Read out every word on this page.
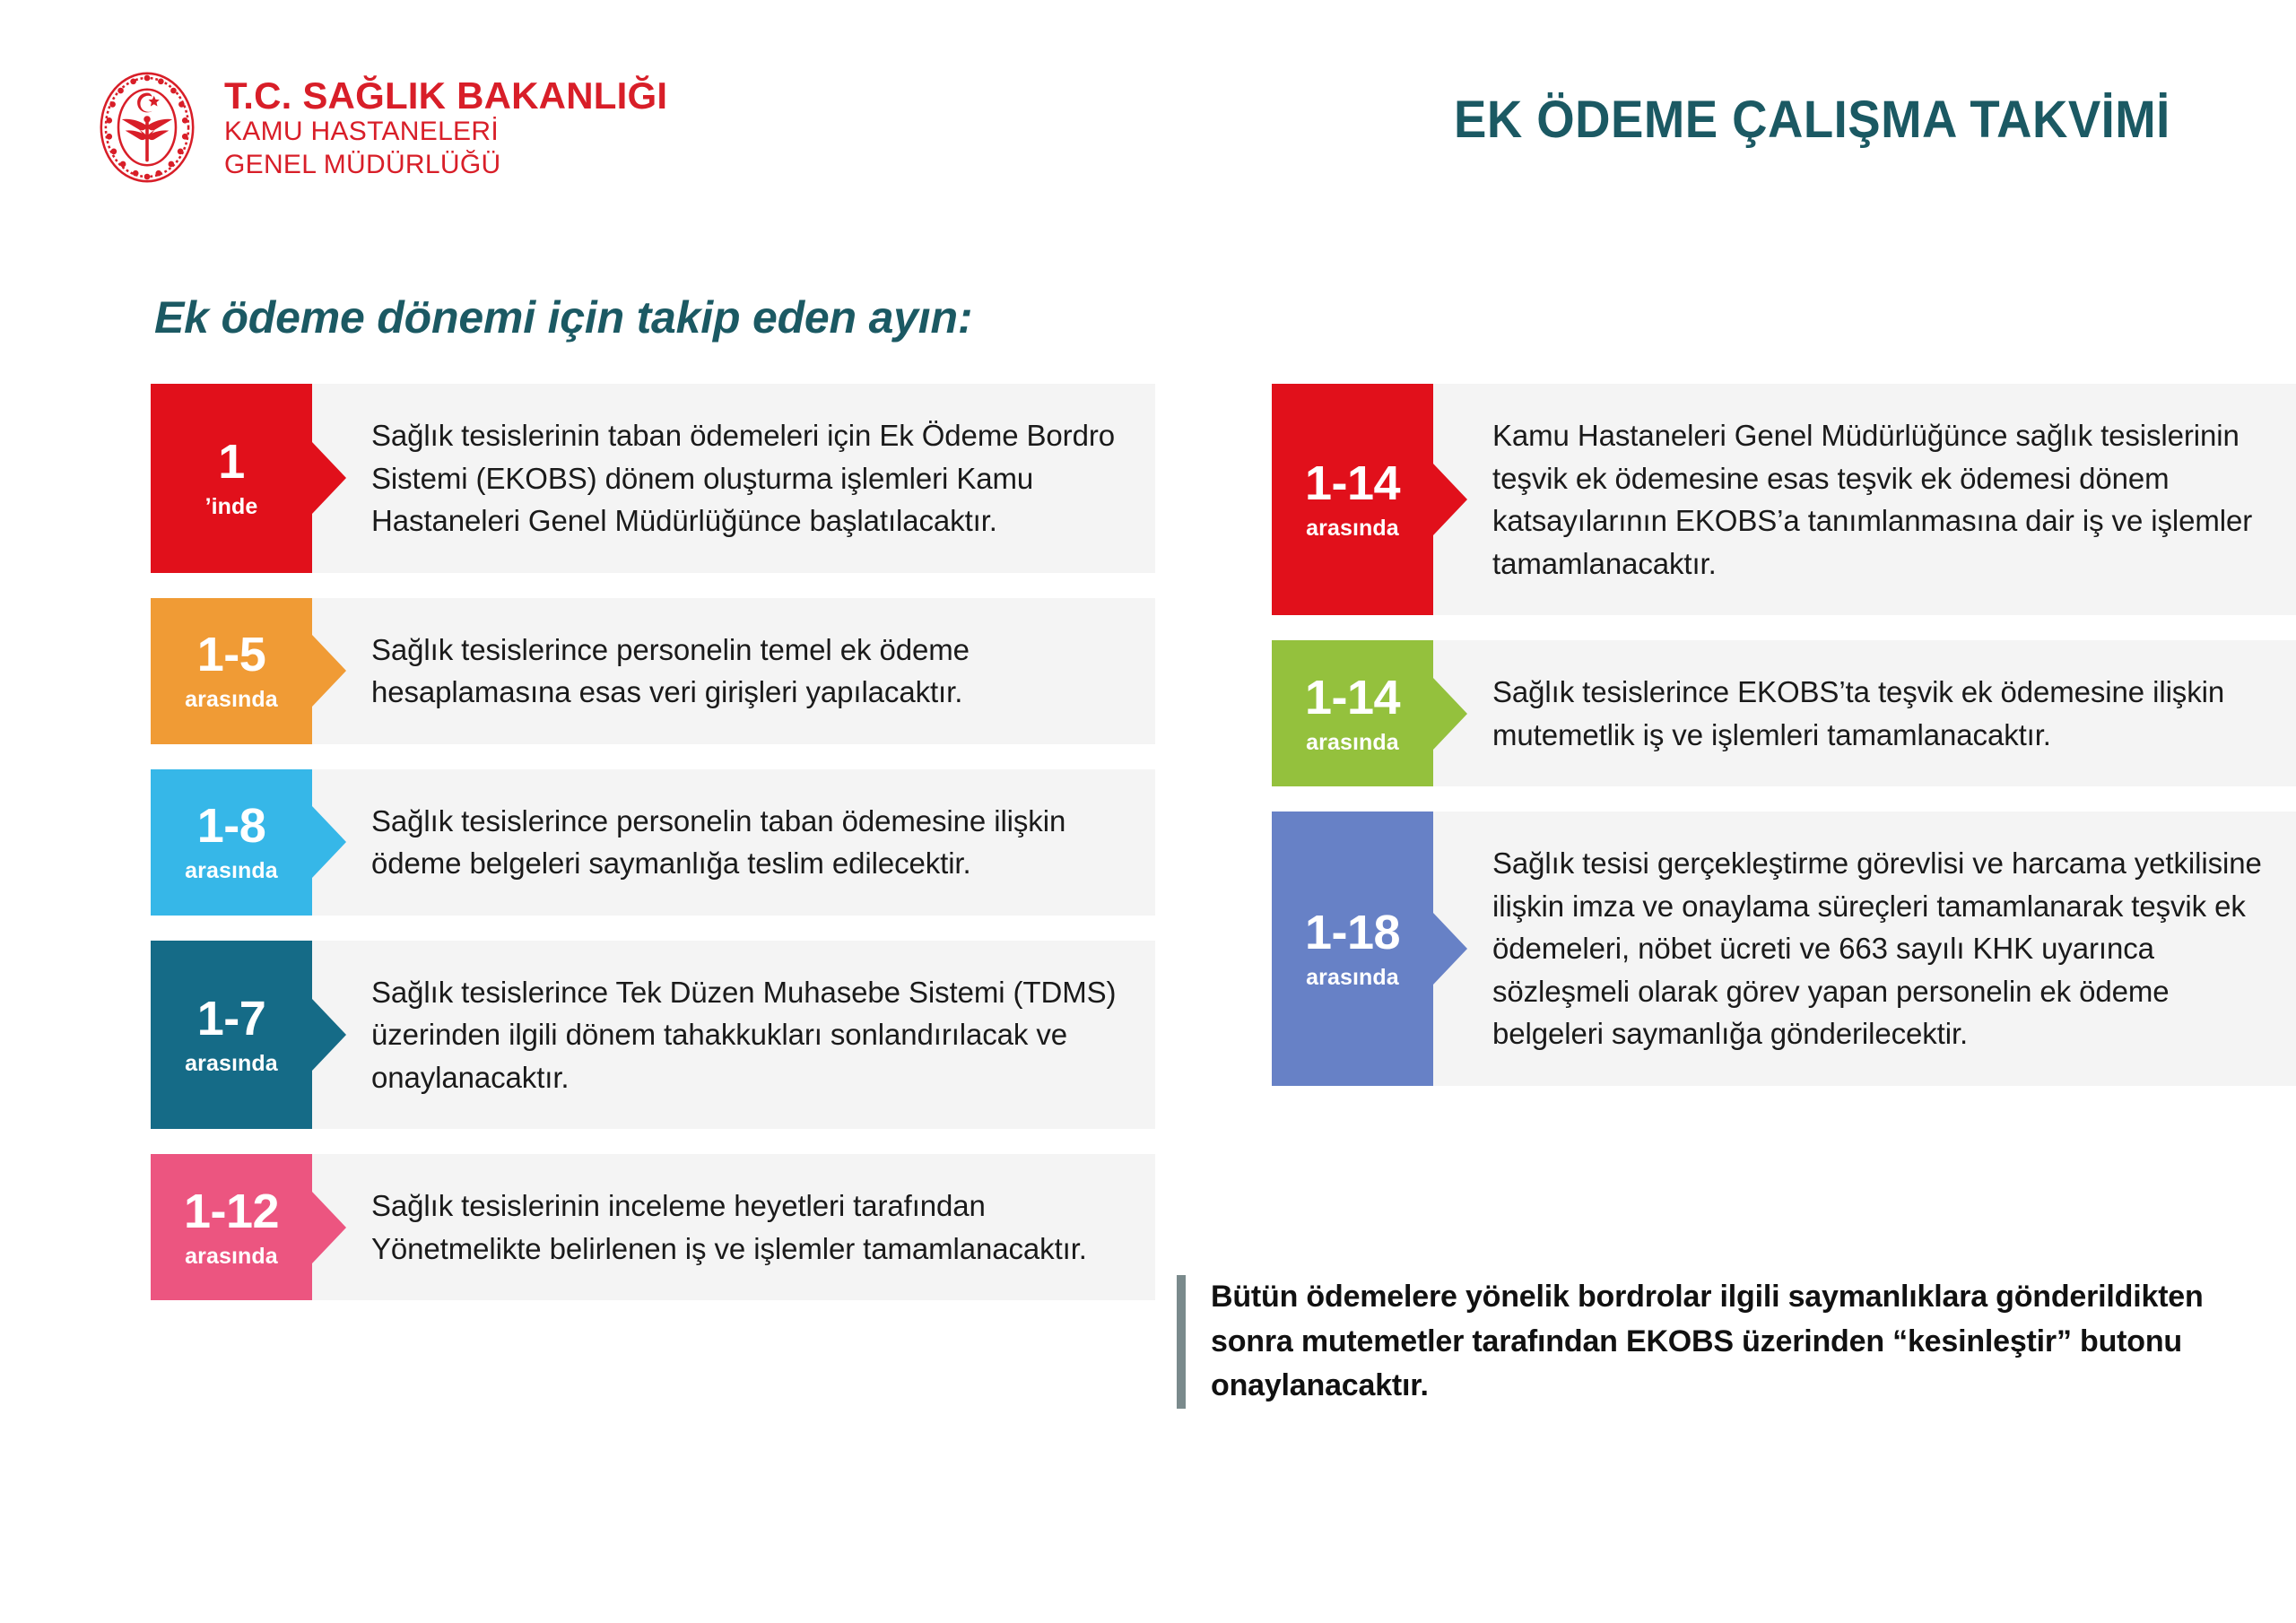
T.C. SAĞLIK BAKANLIĞI
KAMU HASTANELERİ
GENEL MÜDÜRLÜĞÜ
EK ÖDEME ÇALIŞMA TAKVİMİ
Ek ödeme dönemi için takip eden ayın:
1
’inde
Sağlık tesislerinin taban ödemeleri için Ek Ödeme Bordro Sistemi (EKOBS) dönem oluşturma işlemleri Kamu Hastaneleri Genel Müdürlüğünce başlatılacaktır.
1-5
arasında
Sağlık tesislerince personelin temel ek ödeme hesaplamasına esas veri girişleri yapılacaktır.
1-8
arasında
Sağlık tesislerince personelin taban ödemesine ilişkin ödeme belgeleri saymanlığa teslim edilecektir.
1-7
arasında
Sağlık tesislerince Tek Düzen Muhasebe Sistemi (TDMS) üzerinden ilgili dönem tahakkukları sonlandırılacak ve onaylanacaktır.
1-12
arasında
Sağlık tesislerinin inceleme heyetleri tarafından Yönetmelikte belirlenen iş ve işlemler tamamlanacaktır.
1-14
arasında
Kamu Hastaneleri Genel Müdürlüğünce sağlık tesislerinin teşvik ek ödemesine esas teşvik ek ödemesi dönem katsayılarının EKOBS’a tanımlanmasına dair iş ve işlemler tamamlanacaktır.
1-14
arasında
Sağlık tesislerince EKOBS’ta teşvik ek ödemesine ilişkin mutemetlik iş ve işlemleri tamamlanacaktır.
1-18
arasında
Sağlık tesisi gerçekleştirme görevlisi ve harcama yetkilisine ilişkin imza ve onaylama süreçleri tamamlanarak teşvik ek ödemeleri, nöbet ücreti ve 663 sayılı KHK uyarınca sözleşmeli olarak görev yapan personelin ek ödeme belgeleri saymanlığa gönderilecektir.
Bütün ödemelere yönelik bordrolar ilgili saymanlıklara gönderildikten sonra mutemetler tarafından EKOBS üzerinden “kesinleştir” butonu onaylanacaktır.
